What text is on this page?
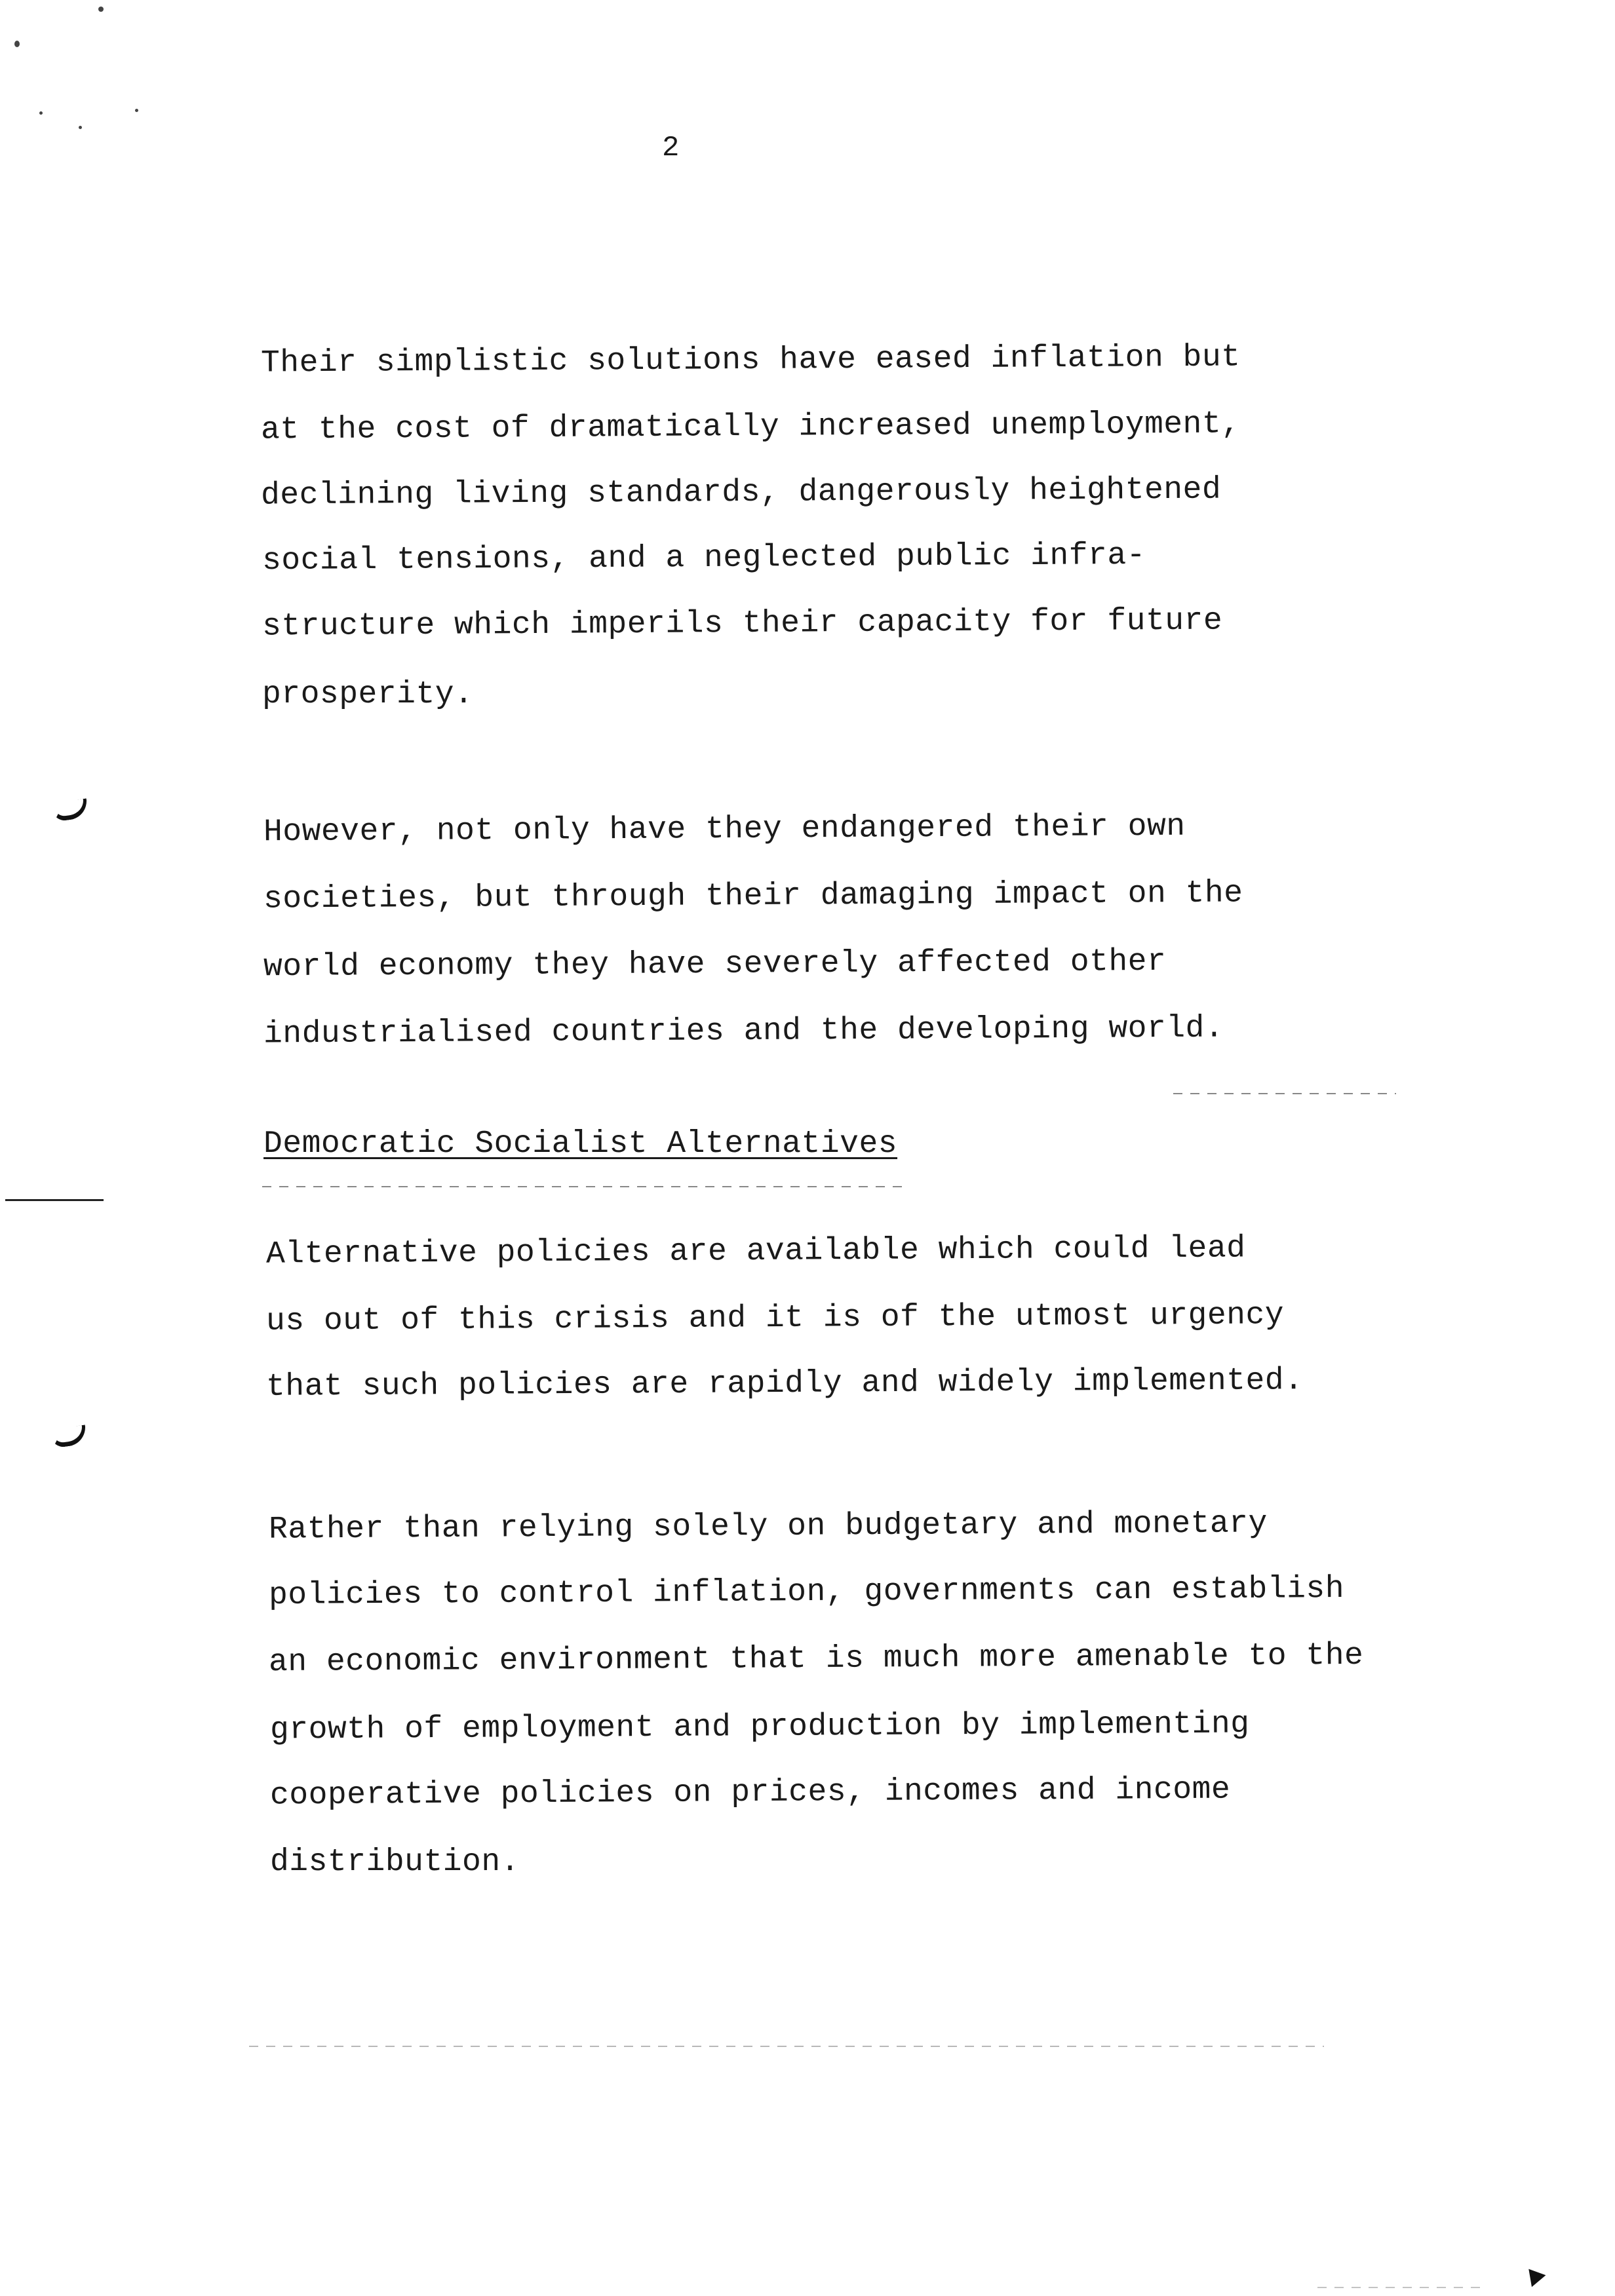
2
Their simplistic solutions have eased inflation but
at the cost of dramatically increased unemployment,
declining living standards, dangerously heightened
social tensions, and a neglected public infra-
structure which imperils their capacity for future
prosperity.
However, not only have they endangered their own
societies, but through their damaging impact on the
world economy they have severely affected other
industrialised countries and the developing world.
Democratic Socialist Alternatives
Alternative policies are available which could lead
us out of this crisis and it is of the utmost urgency
that such policies are rapidly and widely implemented.
Rather than relying solely on budgetary and monetary
policies to control inflation, governments can establish
an economic environment that is much more amenable to the
growth of employment and production by implementing
cooperative policies on prices, incomes and income
distribution.
